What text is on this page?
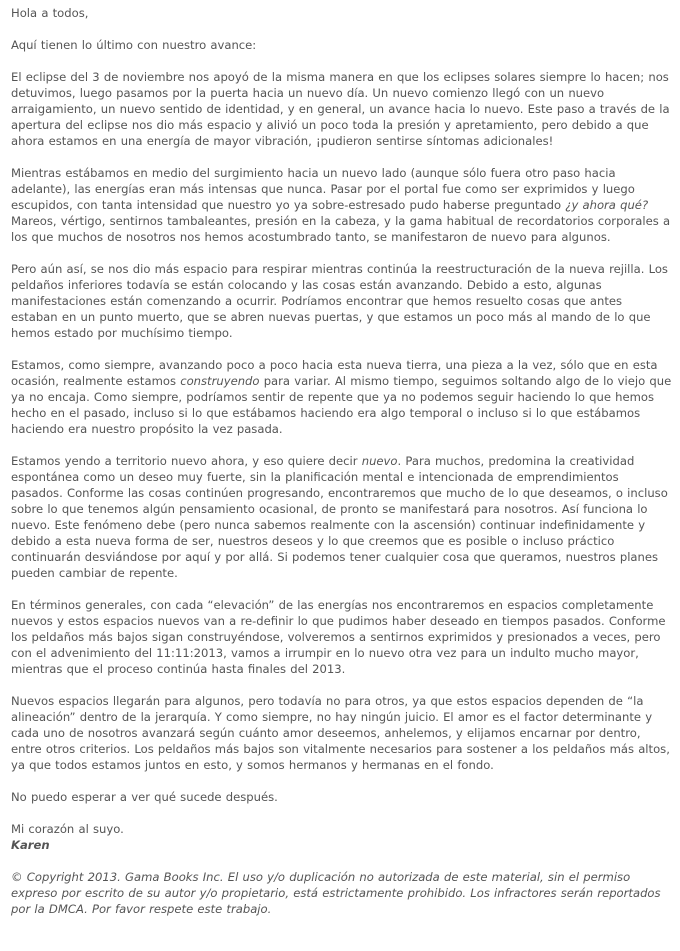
Hola a todos,

Aquí tienen lo último con nuestro avance:

El eclipse del 3 de noviembre nos apoyó de la misma manera en que los eclipses solares siempre lo hacen; nos detuvimos, luego pasamos por la puerta hacia un nuevo día. Un nuevo comienzo llegó con un nuevo arraigamiento, un nuevo sentido de identidad, y en general, un avance hacia lo nuevo. Este paso a través de la apertura del eclipse nos dio más espacio y alivió un poco toda la presión y apretamiento, pero debido a que ahora estamos en una energía de mayor vibración, ¡pudieron sentirse síntomas adicionales!

Mientras estábamos en medio del surgimiento hacia un nuevo lado (aunque sólo fuera otro paso hacia adelante), las energías eran más intensas que nunca. Pasar por el portal fue como ser exprimidos y luego escupidos, con tanta intensidad que nuestro yo ya sobre-estresado pudo haberse preguntado ¿y ahora qué? Mareos, vértigo, sentirnos tambaleantes, presión en la cabeza, y la gama habitual de recordatorios corporales a los que muchos de nosotros nos hemos acostumbrado tanto, se manifestaron de nuevo para algunos.

Pero aún así, se nos dio más espacio para respirar mientras continúa la reestructuración de la nueva rejilla. Los peldaños inferiores todavía se están colocando y las cosas están avanzando. Debido a esto, algunas manifestaciones están comenzando a ocurrir. Podríamos encontrar que hemos resuelto cosas que antes estaban en un punto muerto, que se abren nuevas puertas, y que estamos un poco más al mando de lo que hemos estado por muchísimo tiempo.

Estamos, como siempre, avanzando poco a poco hacia esta nueva tierra, una pieza a la vez, sólo que en esta ocasión, realmente estamos construyendo para variar. Al mismo tiempo, seguimos soltando algo de lo viejo que ya no encaja. Como siempre, podríamos sentir de repente que ya no podemos seguir haciendo lo que hemos hecho en el pasado, incluso si lo que estábamos haciendo era algo temporal o incluso si lo que estábamos haciendo era nuestro propósito la vez pasada.

Estamos yendo a territorio nuevo ahora, y eso quiere decir nuevo. Para muchos, predomina la creatividad espontánea como un deseo muy fuerte, sin la planificación mental e intencionada de emprendimientos pasados. Conforme las cosas continúen progresando, encontraremos que mucho de lo que deseamos, o incluso sobre lo que tenemos algún pensamiento ocasional, de pronto se manifestará para nosotros. Así funciona lo nuevo. Este fenómeno debe (pero nunca sabemos realmente con la ascensión) continuar indefinidamente y debido a esta nueva forma de ser, nuestros deseos y lo que creemos que es posible o incluso práctico continuarán desviándose por aquí y por allá. Si podemos tener cualquier cosa que queramos, nuestros planes pueden cambiar de repente.

En términos generales, con cada “elevación” de las energías nos encontraremos en espacios completamente nuevos y estos espacios nuevos van a re-definir lo que pudimos haber deseado en tiempos pasados. Conforme los peldaños más bajos sigan construyéndose, volveremos a sentirnos exprimidos y presionados a veces, pero con el advenimiento del 11:11:2013, vamos a irrumpir en lo nuevo otra vez para un indulto mucho mayor, mientras que el proceso continúa hasta finales del 2013.

Nuevos espacios llegarán para algunos, pero todavía no para otros, ya que estos espacios dependen de “la alineación” dentro de la jerarquía. Y como siempre, no hay ningún juicio. El amor es el factor determinante y cada uno de nosotros avanzará según cuánto amor deseemos, anhelemos, y elijamos encarnar por dentro, entre otros criterios. Los peldaños más bajos son vitalmente necesarios para sostener a los peldaños más altos, ya que todos estamos juntos en esto, y somos hermanos y hermanas en el fondo.

No puedo esperar a ver qué sucede después.

Mi corazón al suyo.

Karen

© Copyright 2013. Gama Books Inc. El uso y/o duplicación no autorizada de este material, sin el permiso expreso por escrito de su autor y/o propietario, está estrictamente prohibido. Los infractores serán reportados por la DMCA. Por favor respete este trabajo.
